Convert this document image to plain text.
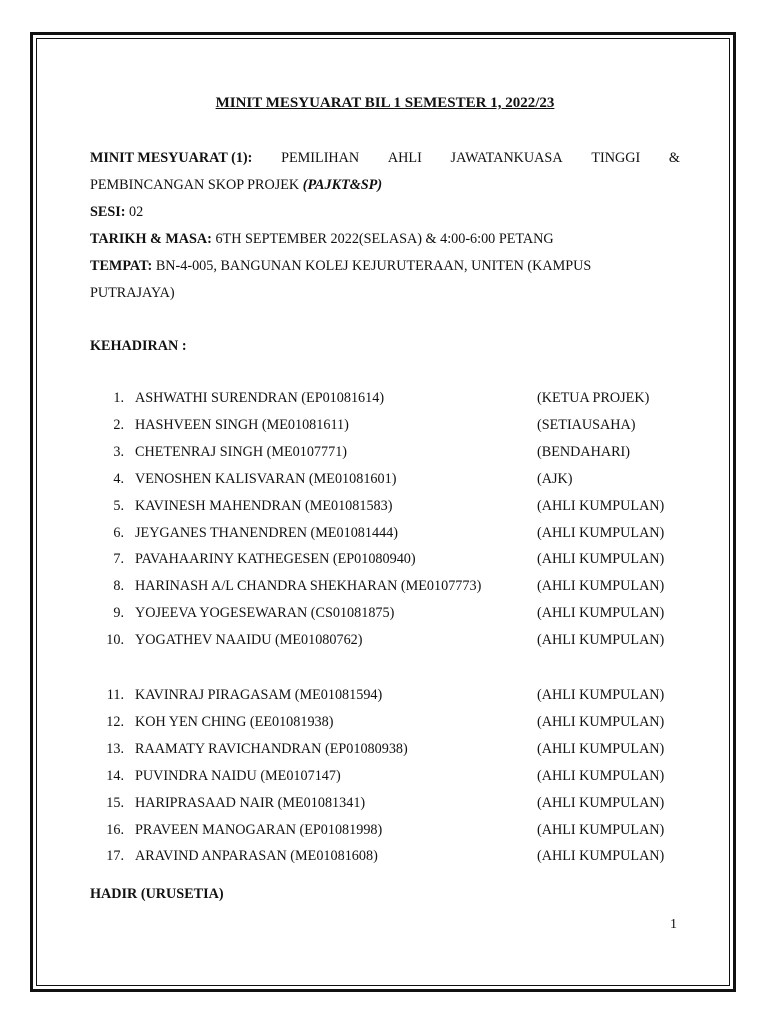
MINIT MESYUARAT BIL 1 SEMESTER 1, 2022/23
MINIT MESYUARAT (1): PEMILIHAN AHLI JAWATANKUASA TINGGI &
PEMBINCANGAN SKOP PROJEK (PAJKT&SP)
SESI: 02
TARIKH & MASA: 6TH SEPTEMBER 2022(SELASA) & 4:00-6:00 PETANG
TEMPAT: BN-4-005, BANGUNAN KOLEJ KEJURUTERAAN, UNITEN (KAMPUS
PUTRAJAYA)
KEHADIRAN :
1. ASHWATHI SURENDRAN (EP01081614)	(KETUA PROJEK)
2. HASHVEEN SINGH (ME01081611)	(SETIAUSAHA)
3. CHETENRAJ SINGH (ME0107771)	(BENDAHARI)
4. VENOSHEN KALISVARAN (ME01081601)	(AJK)
5. KAVINESH MAHENDRAN (ME01081583)	(AHLI KUMPULAN)
6. JEYGANES THANENDREN (ME01081444)	(AHLI KUMPULAN)
7. PAVAHAARINY KATHEGESEN (EP01080940)	(AHLI KUMPULAN)
8. HARINASH A/L CHANDRA SHEKHARAN (ME0107773)	(AHLI KUMPULAN)
9. YOJEEVA YOGESEWARAN (CS01081875)	(AHLI KUMPULAN)
10. YOGATHEV NAAIDU (ME01080762)	(AHLI KUMPULAN)
11. KAVINRAJ PIRAGASAM (ME01081594)	(AHLI KUMPULAN)
12. KOH YEN CHING (EE01081938)	(AHLI KUMPULAN)
13. RAAMATY RAVICHANDRAN (EP01080938)	(AHLI KUMPULAN)
14. PUVINDRA NAIDU (ME0107147)	(AHLI KUMPULAN)
15. HARIPRASAAD NAIR (ME01081341)	(AHLI KUMPULAN)
16. PRAVEEN MANOGARAN (EP01081998)	(AHLI KUMPULAN)
17. ARAVIND ANPARASAN (ME01081608)	(AHLI KUMPULAN)
HADIR (URUSETIA)
1
